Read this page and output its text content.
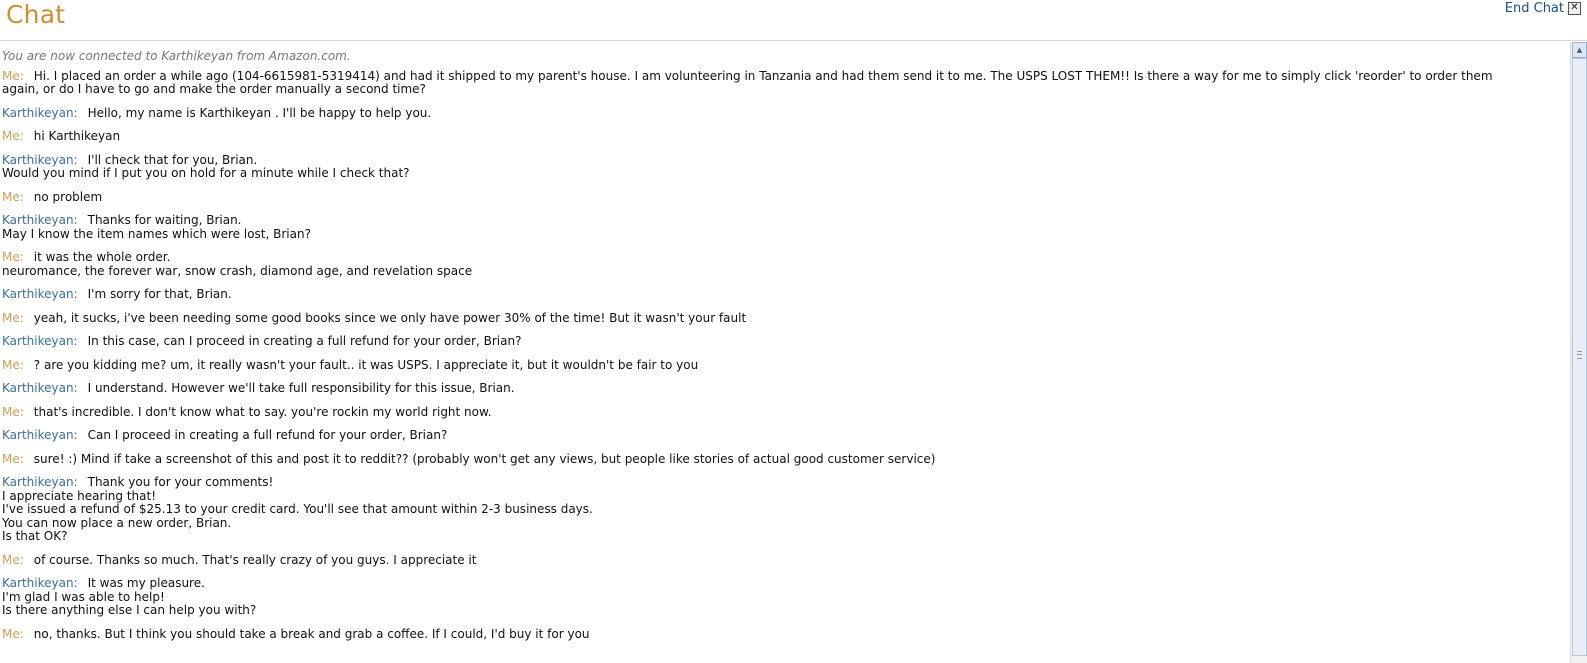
Chat	End Chat ✕
You are now connected to Karthikeyan from Amazon.com.
Me: Hi. I placed an order a while ago (104-6615981-5319414) and had it shipped to my parent's house. I am volunteering in Tanzania and had them send it to me. The USPS LOST THEM!! Is there a way for me to simply click 'reorder' to order them
again, or do I have to go and make the order manually a second time?
Karthikeyan: Hello, my name is Karthikeyan . I'll be happy to help you.
Me: hi Karthikeyan
Karthikeyan: I'll check that for you, Brian.
Would you mind if I put you on hold for a minute while I check that?
Me: no problem
Karthikeyan: Thanks for waiting, Brian.
May I know the item names which were lost, Brian?
Me: it was the whole order.
neuromance, the forever war, snow crash, diamond age, and revelation space
Karthikeyan: I'm sorry for that, Brian.
Me: yeah, it sucks, i've been needing some good books since we only have power 30% of the time! But it wasn't your fault
Karthikeyan: In this case, can I proceed in creating a full refund for your order, Brian?
Me: ? are you kidding me? um, it really wasn't your fault.. it was USPS. I appreciate it, but it wouldn't be fair to you
Karthikeyan: I understand. However we'll take full responsibility for this issue, Brian.
Me: that's incredible. I don't know what to say. you're rockin my world right now.
Karthikeyan: Can I proceed in creating a full refund for your order, Brian?
Me: sure! :) Mind if take a screenshot of this and post it to reddit?? (probably won't get any views, but people like stories of actual good customer service)
Karthikeyan: Thank you for your comments!
I appreciate hearing that!
I've issued a refund of $25.13 to your credit card. You'll see that amount within 2-3 business days.
You can now place a new order, Brian.
Is that OK?
Me: of course. Thanks so much. That's really crazy of you guys. I appreciate it
Karthikeyan: It was my pleasure.
I'm glad I was able to help!
Is there anything else I can help you with?
Me: no, thanks. But I think you should take a break and grab a coffee. If I could, I'd buy it for you
▲
